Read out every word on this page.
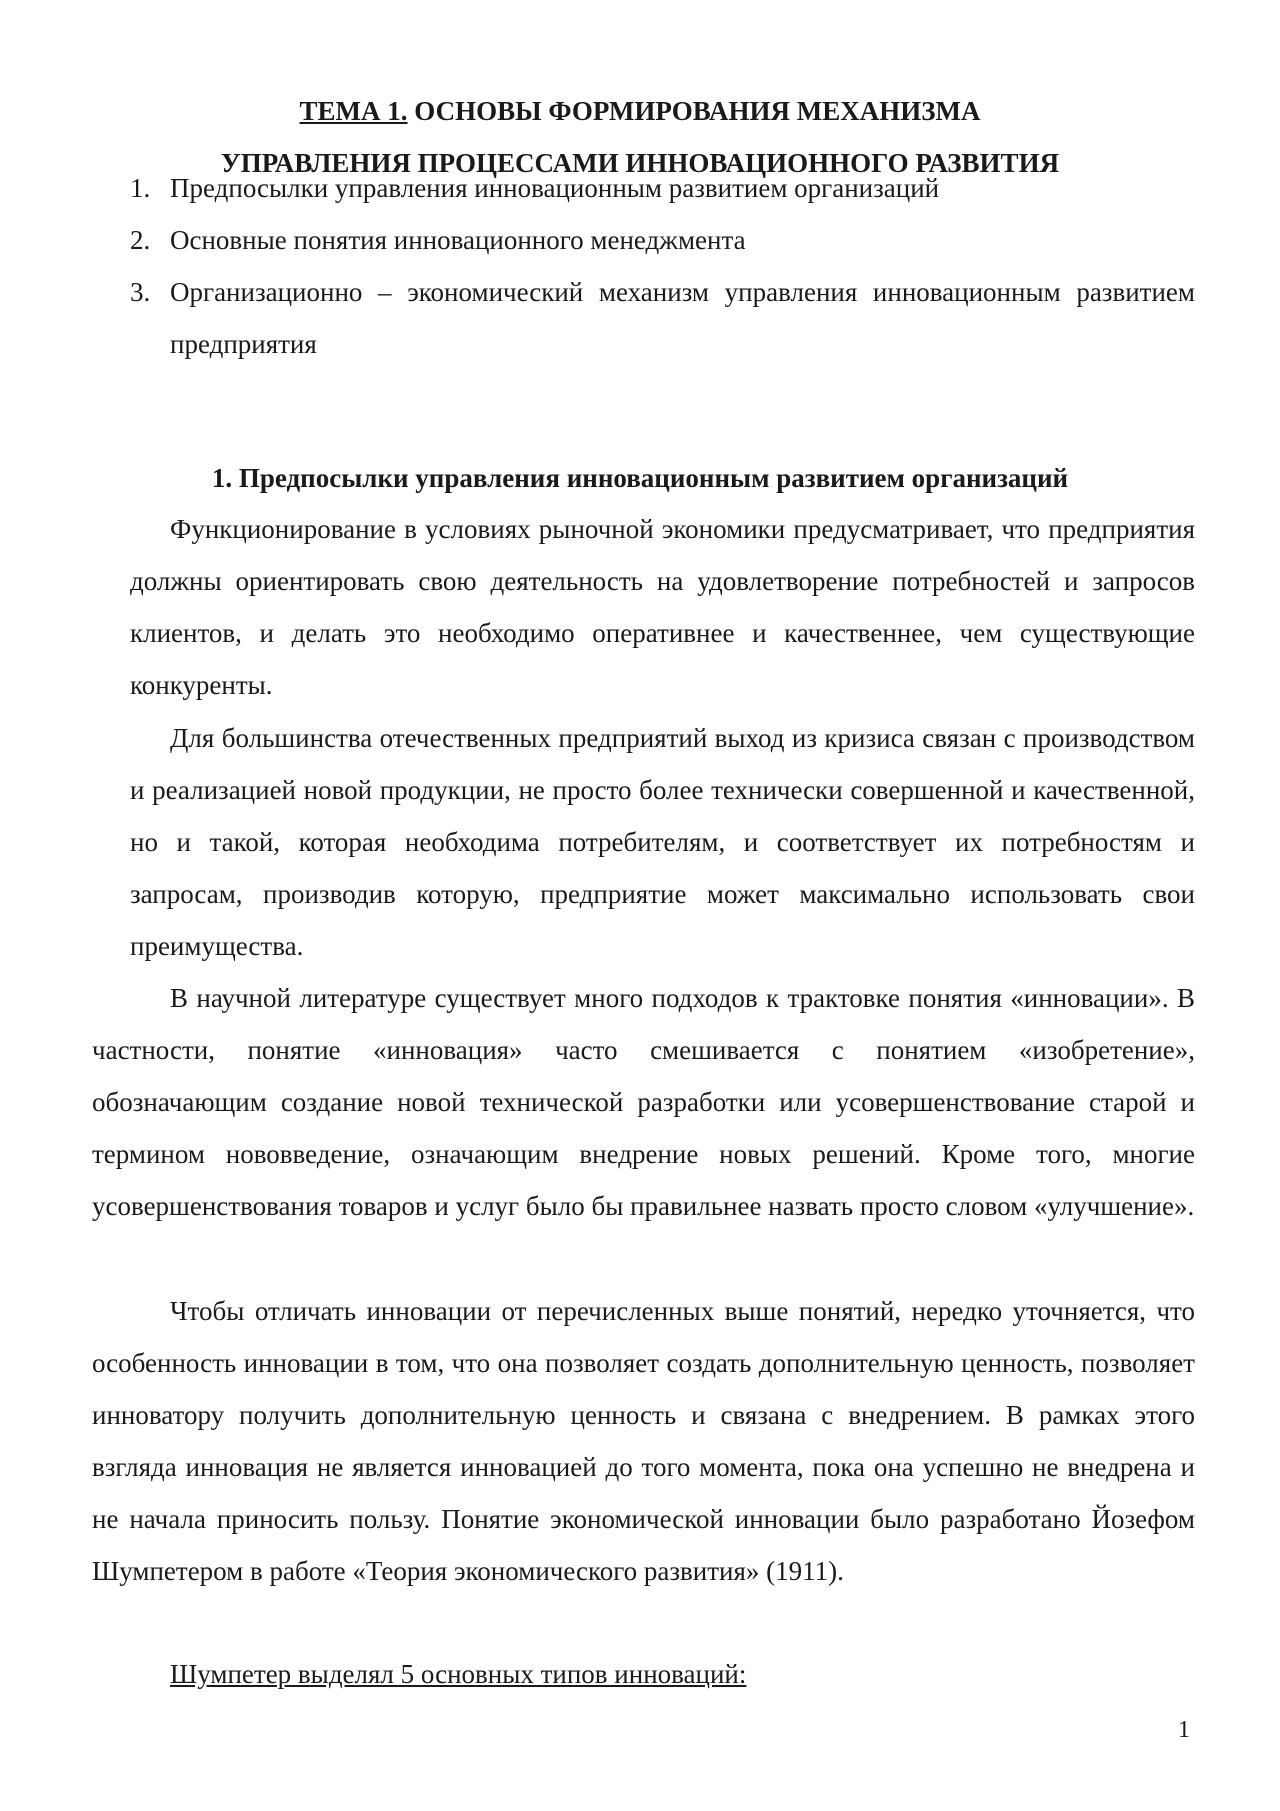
ТЕМА 1. ОСНОВЫ ФОРМИРОВАНИЯ МЕХАНИЗМА
УПРАВЛЕНИЯ ПРОЦЕССАМИ ИННОВАЦИОННОГО РАЗВИТИЯ
1. Предпосылки управления инновационным развитием организаций
2. Основные понятия инновационного менеджмента
3. Организационно – экономический механизм управления инновационным развитием предприятия
1. Предпосылки управления инновационным развитием организаций

Функционирование в условиях рыночной экономики предусматривает, что предприятия должны ориентировать свою деятельность на удовлетворение потребностей и запросов клиентов, и делать это необходимо оперативнее и качественнее, чем существующие конкуренты.

Для большинства отечественных предприятий выход из кризиса связан с производством и реализацией новой продукции, не просто более технически совершенной и качественной, но и такой, которая необходима потребителям, и соответствует их потребностям и запросам, производив которую, предприятие может максимально использовать свои преимущества.

В научной литературе существует много подходов к трактовке понятия «инновации». В частности, понятие «инновация» часто смешивается с понятием «изобретение», обозначающим создание новой технической разработки или усовершенствование старой и термином нововведение, означающим внедрение новых решений. Кроме того, многие усовершенствования товаров и услуг было бы правильнее назвать просто словом «улучшение».

Чтобы отличать инновации от перечисленных выше понятий, нередко уточняется, что особенность инновации в том, что она позволяет создать дополнительную ценность, позволяет инноватору получить дополнительную ценность и связана с внедрением. В рамках этого взгляда инновация не является инновацией до того момента, пока она успешно не внедрена и не начала приносить пользу. Понятие экономической инновации было разработано Йозефом Шумпетером в работе «Теория экономического развития» (1911).

Шумпетер выделял 5 основных типов инноваций:
1
